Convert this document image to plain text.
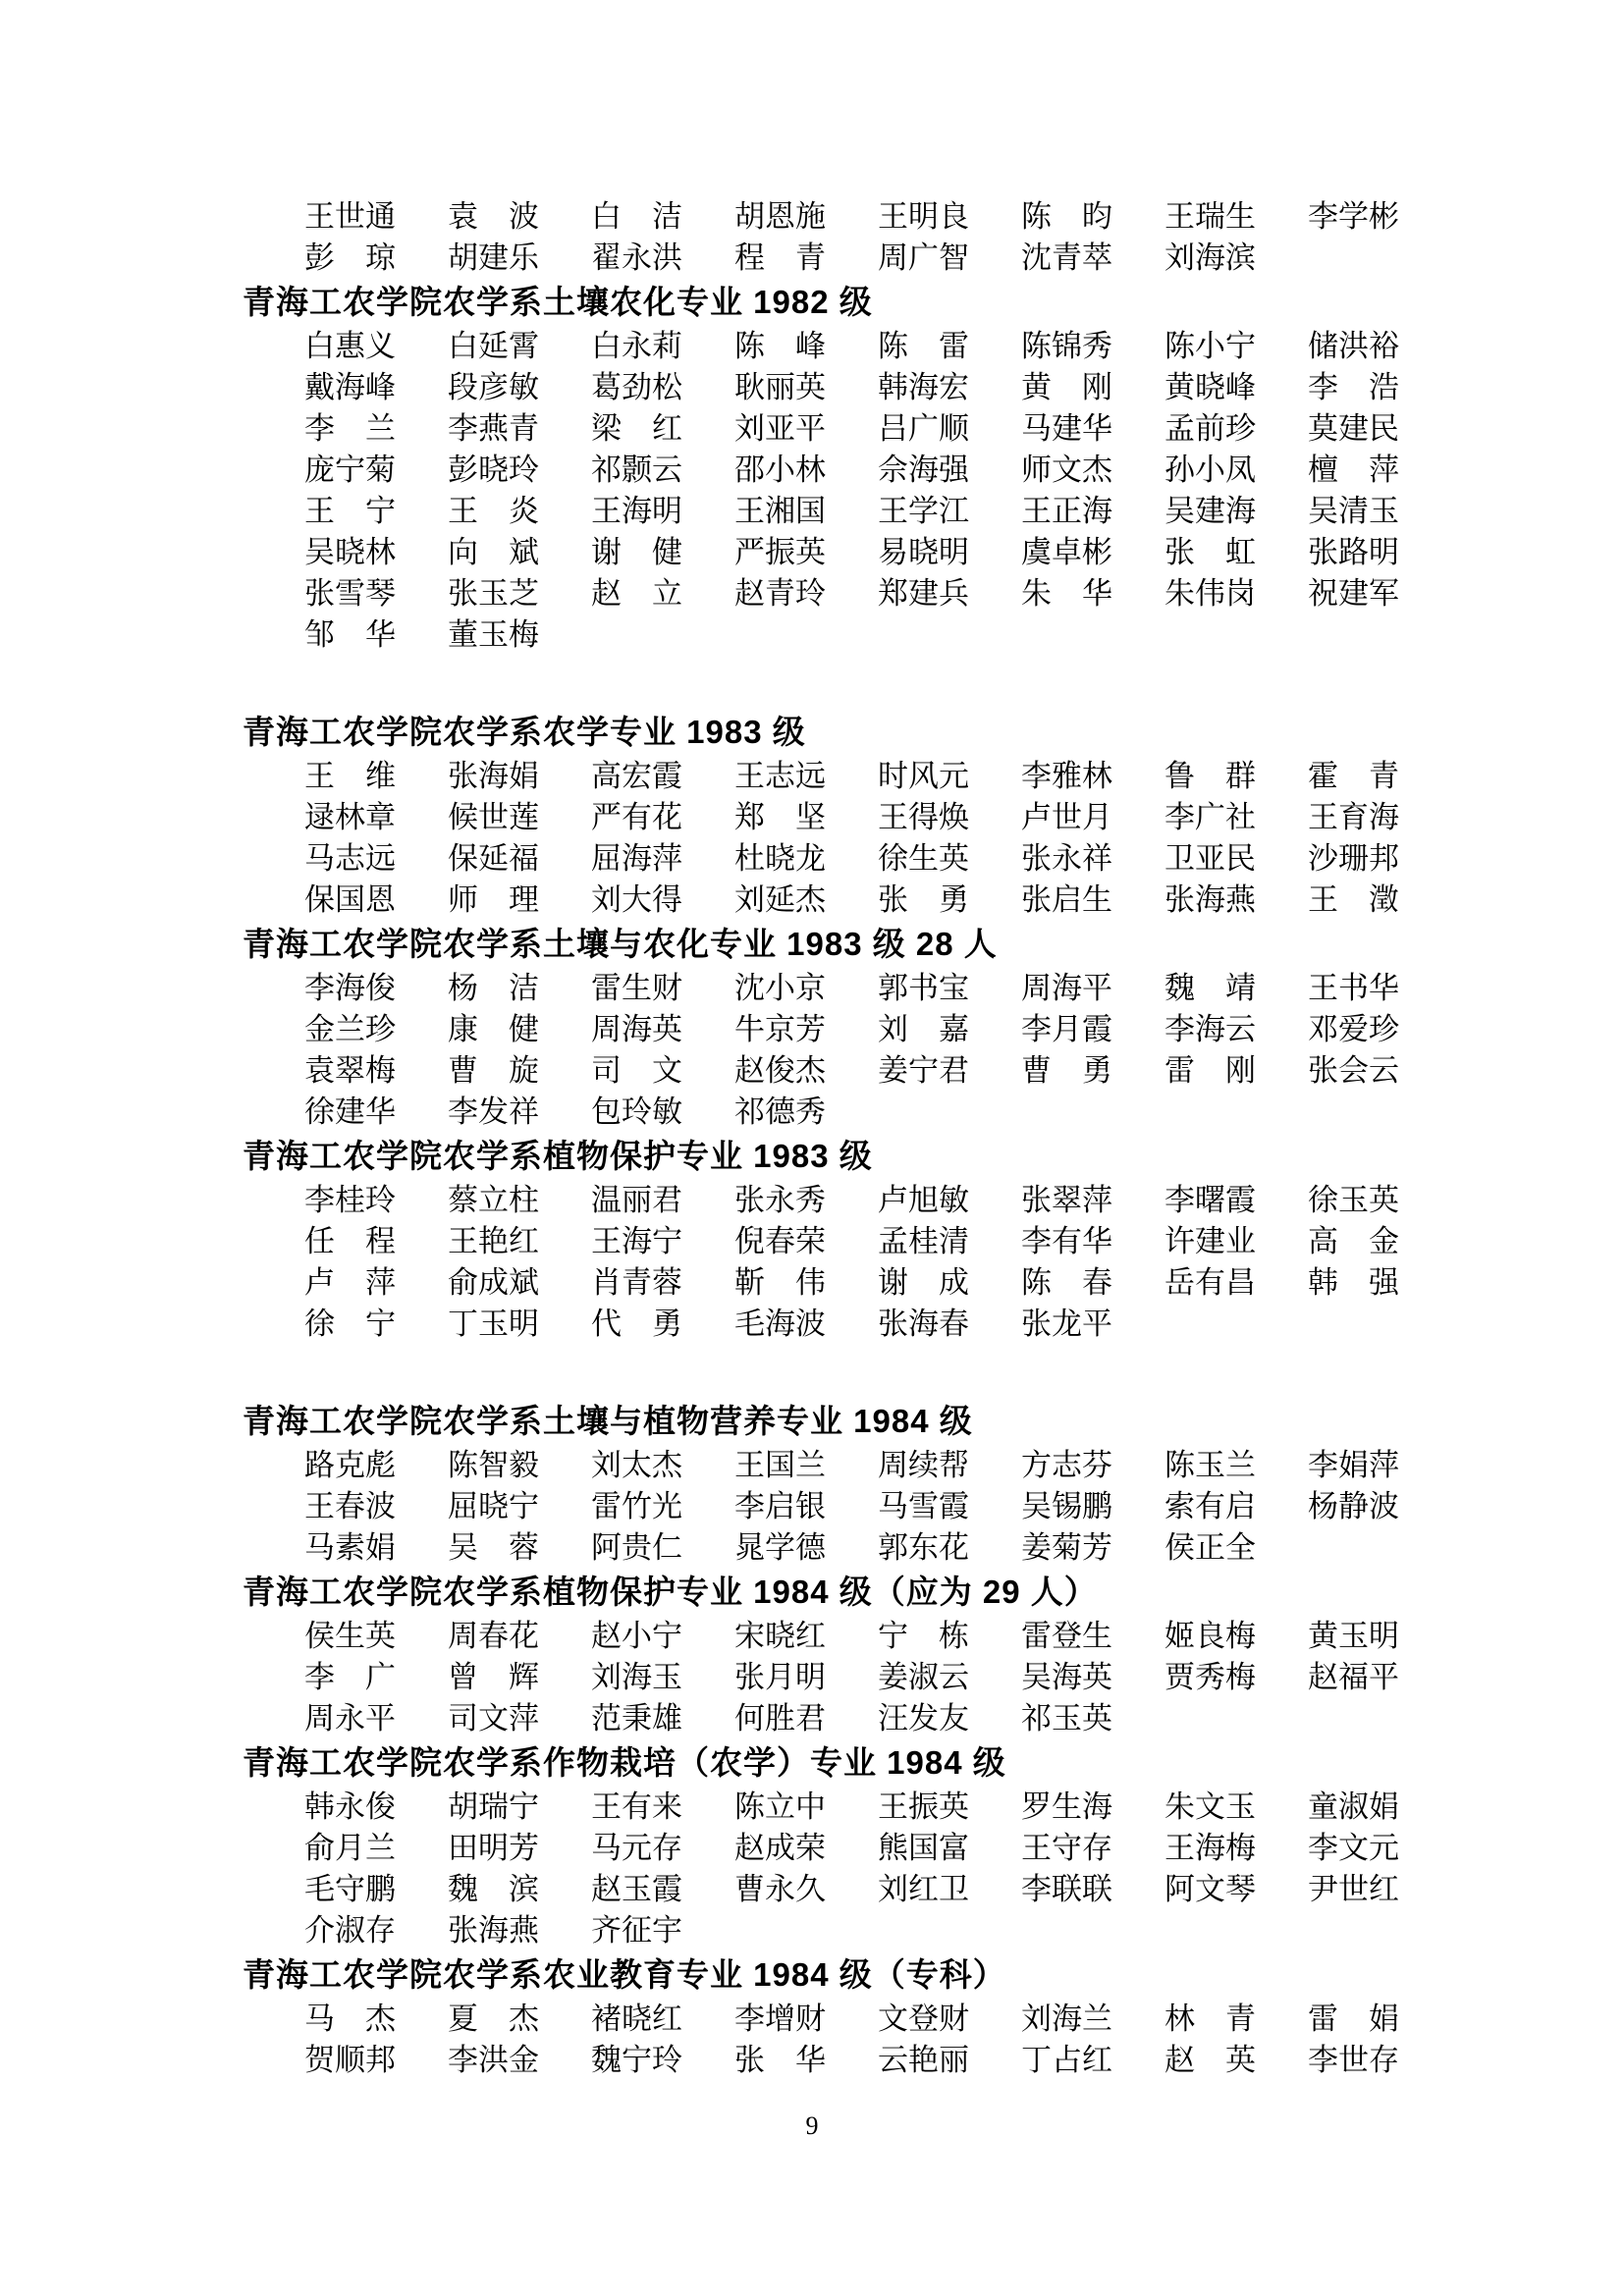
王世通	袁　波	白　洁	胡恩施	王明良	陈　昀	王瑞生	李学彬
彭　琼	胡建乐	翟永洪	程　青	周广智	沈青萃	刘海滨
青海工农学院农学系土壤农化专业 1982 级
白惠义	白延霄	白永莉	陈　峰	陈　雷	陈锦秀	陈小宁	储洪裕
戴海峰	段彦敏	葛劲松	耿丽英	韩海宏	黄　刚	黄晓峰	李　浩
李　兰	李燕青	梁　红	刘亚平	吕广顺	马建华	孟前珍	莫建民
庞宁菊	彭晓玲	祁颢云	邵小林	佘海强	师文杰	孙小凤	檀　萍
王　宁	王　炎	王海明	王湘国	王学江	王正海	吴建海	吴清玉
吴晓林	向　斌	谢　健	严振英	易晓明	虞卓彬	张　虹	张路明
张雪琴	张玉芝	赵　立	赵青玲	郑建兵	朱　华	朱伟岗	祝建军
邹　华	董玉梅
青海工农学院农学系农学专业 1983 级
王　维	张海娟	高宏霞	王志远	时风元	李雅林	鲁　群	霍　青
逯林章	候世莲	严有花	郑　坚	王得焕	卢世月	李广社	王育海
马志远	保延福	屈海萍	杜晓龙	徐生英	张永祥	卫亚民	沙珊邦
保国恩	师　理	刘大得	刘延杰	张　勇	张启生	张海燕	王　澂
青海工农学院农学系土壤与农化专业 1983 级 28 人
李海俊	杨　洁	雷生财	沈小京	郭书宝	周海平	魏　靖	王书华
金兰珍	康　健	周海英	牛京芳	刘　嘉	李月霞	李海云	邓爱珍
袁翠梅	曹　旋	司　文	赵俊杰	姜宁君	曹　勇	雷　刚	张会云
徐建华	李发祥	包玲敏	祁德秀
青海工农学院农学系植物保护专业 1983 级
李桂玲	蔡立柱	温丽君	张永秀	卢旭敏	张翠萍	李曙霞	徐玉英
任　程	王艳红	王海宁	倪春荣	孟桂清	李有华	许建业	高　金
卢　萍	俞成斌	肖青蓉	靳　伟	谢　成	陈　春	岳有昌	韩　强
徐　宁	丁玉明	代　勇	毛海波	张海春	张龙平
青海工农学院农学系土壤与植物营养专业 1984 级
路克彪	陈智毅	刘太杰	王国兰	周续帮	方志芬	陈玉兰	李娟萍
王春波	屈晓宁	雷竹光	李启银	马雪霞	吴锡鹏	索有启	杨静波
马素娟	吴　蓉	阿贵仁	晁学德	郭东花	姜菊芳	侯正全
青海工农学院农学系植物保护专业 1984 级（应为 29 人）
侯生英	周春花	赵小宁	宋晓红	宁　栋	雷登生	姬良梅	黄玉明
李　广	曾　辉	刘海玉	张月明	姜淑云	吴海英	贾秀梅	赵福平
周永平	司文萍	范秉雄	何胜君	汪发友	祁玉英
青海工农学院农学系作物栽培（农学）专业 1984 级
韩永俊	胡瑞宁	王有来	陈立中	王振英	罗生海	朱文玉	童淑娟
俞月兰	田明芳	马元存	赵成荣	熊国富	王守存	王海梅	李文元
毛守鹏	魏　滨	赵玉霞	曹永久	刘红卫	李联联	阿文琴	尹世红
介淑存	张海燕	齐征宇
青海工农学院农学系农业教育专业 1984 级（专科）
马　杰	夏　杰	褚晓红	李增财	文登财	刘海兰	林　青	雷　娟
贺顺邦	李洪金	魏宁玲	张　华	云艳丽	丁占红	赵　英	李世存
9
